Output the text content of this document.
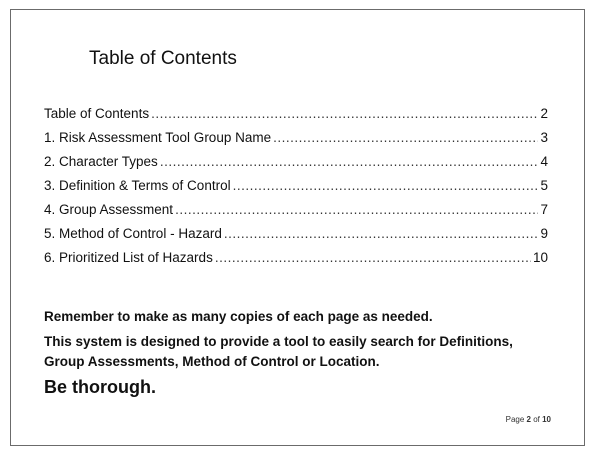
Table of Contents
Table of Contents .....	2
1. Risk Assessment Tool Group Name .....	3
2. Character Types .....	4
3. Definition & Terms of Control .....	5
4. Group Assessment .....	7
5. Method of Control - Hazard .....	9
6. Prioritized List of Hazards .....	10

Remember to make as many copies of each page as needed.

This system is designed to provide a tool to easily search for Definitions, Group Assessments, Method of Control or Location.

Be thorough.

Page 2 of 10
